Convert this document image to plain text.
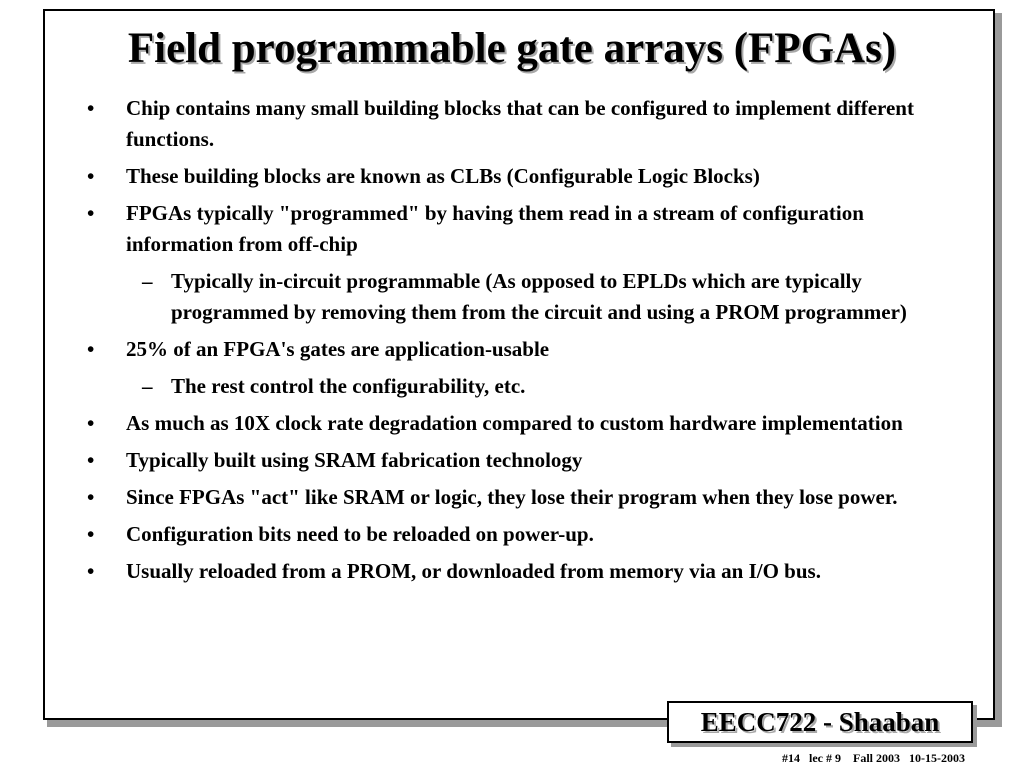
Field programmable gate arrays (FPGAs)
• Chip contains many small building blocks that can be configured to implement different functions.
• These building blocks are known as CLBs (Configurable Logic Blocks)
• FPGAs typically "programmed" by having them read in a stream of configuration information from off-chip
– Typically in-circuit programmable (As opposed to EPLDs which are typically programmed by removing them from the circuit and using a PROM programmer)
• 25% of an FPGA's gates are application-usable
– The rest control the configurability, etc.
• As much as 10X clock rate degradation compared to custom hardware implementation
• Typically built using SRAM fabrication technology
• Since FPGAs "act" like SRAM or logic, they lose their program when they lose power.
• Configuration bits need to be reloaded on power-up.
• Usually reloaded from a PROM, or downloaded from memory via an I/O bus.
EECC722 - Shaaban
#14   lec # 9    Fall 2003   10-15-2003
